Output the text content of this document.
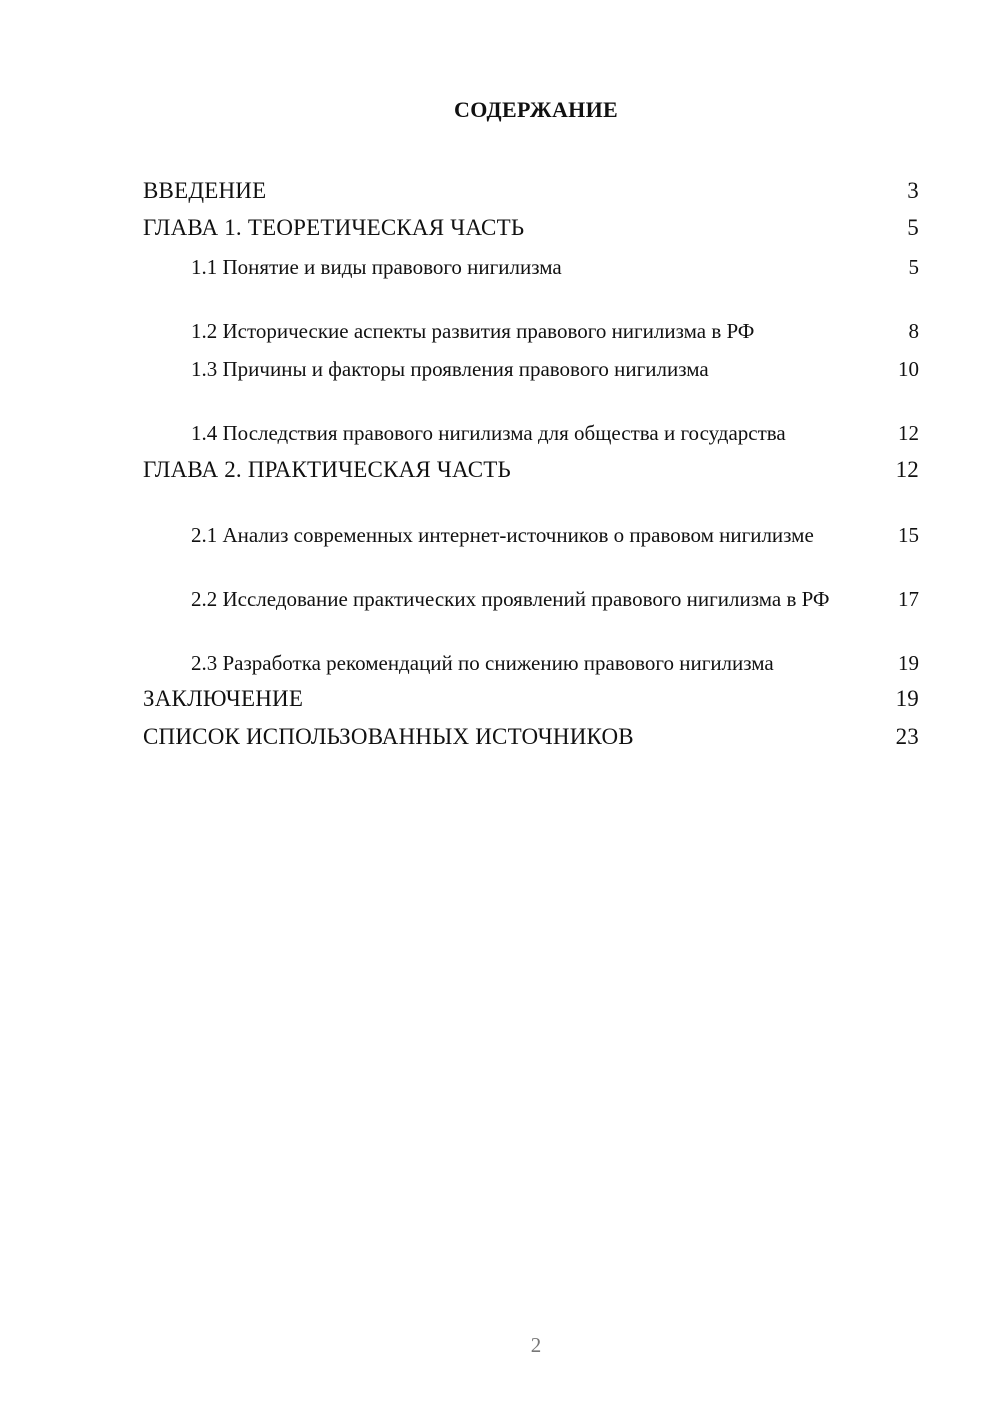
СОДЕРЖАНИЕ
ВВЕДЕНИЕ	3
ГЛАВА 1. ТЕОРЕТИЧЕСКАЯ ЧАСТЬ	5
1.1 Понятие и виды правового нигилизма	5
1.2 Исторические аспекты развития правового нигилизма в РФ	8
1.3 Причины и факторы проявления правового нигилизма	10
1.4 Последствия правового нигилизма для общества и государства	12
ГЛАВА 2. ПРАКТИЧЕСКАЯ ЧАСТЬ	12
2.1 Анализ современных интернет-источников о правовом нигилизме	15
2.2 Исследование практических проявлений правового нигилизма в РФ	17
2.3 Разработка рекомендаций по снижению правового нигилизма	19
ЗАКЛЮЧЕНИЕ	19
СПИСОК ИСПОЛЬЗОВАННЫХ ИСТОЧНИКОВ	23
2
